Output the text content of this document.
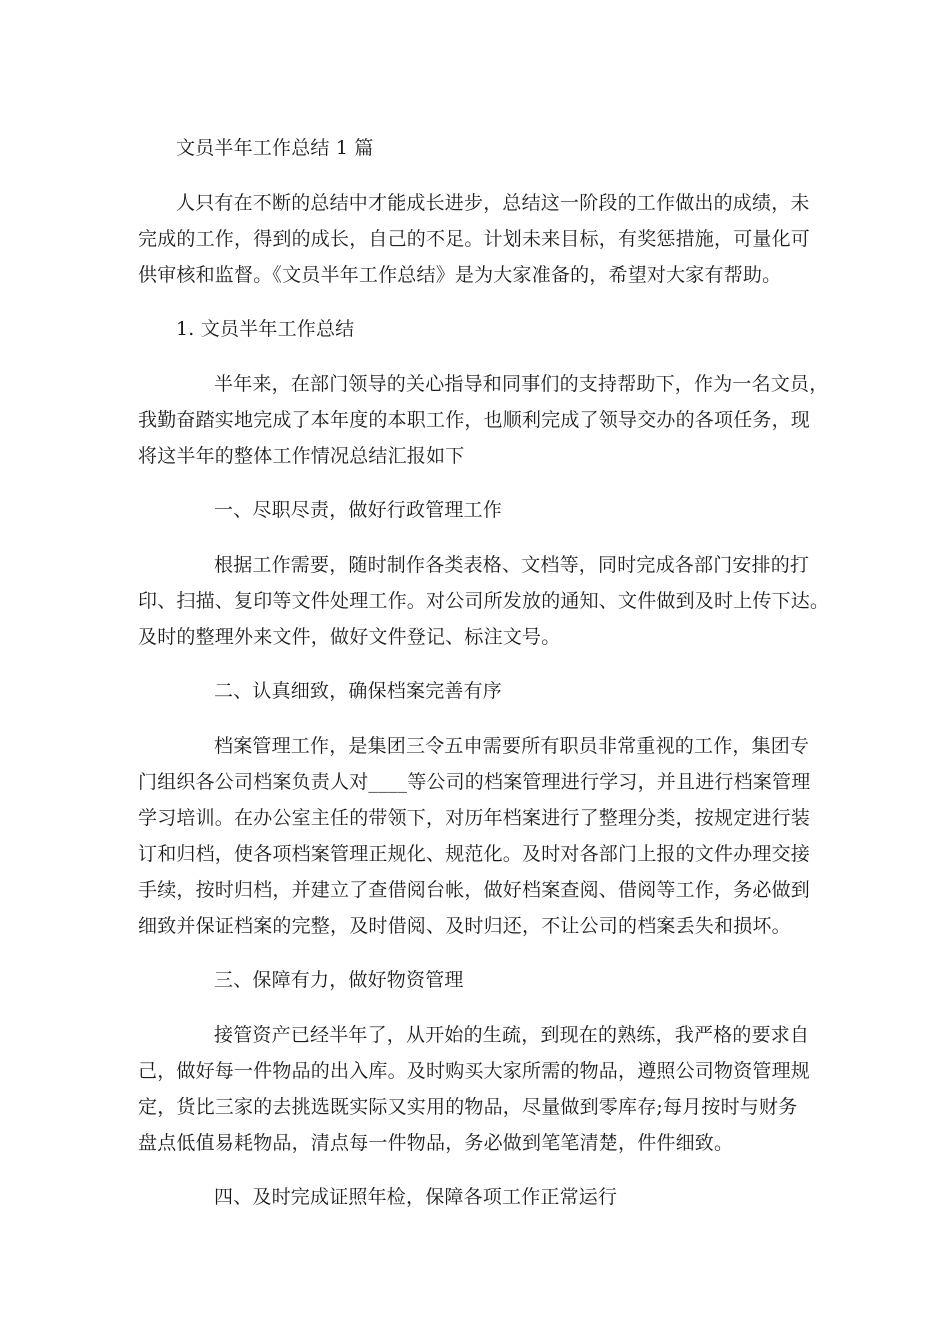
文员半年工作总结 1 篇
人只有在不断的总结中才能成长进步，总结这一阶段的工作做出的成绩，未
完成的工作，得到的成长，自己的不足。计划未来目标，有奖惩措施，可量化可
供审核和监督。《文员半年工作总结》是为大家准备的，希望对大家有帮助。
1. 文员半年工作总结
半年来，在部门领导的关心指导和同事们的支持帮助下，作为一名文员，
我勤奋踏实地完成了本年度的本职工作，也顺利完成了领导交办的各项任务，现
将这半年的整体工作情况总结汇报如下
一、尽职尽责，做好行政管理工作
根据工作需要，随时制作各类表格、文档等，同时完成各部门安排的打
印、扫描、复印等文件处理工作。对公司所发放的通知、文件做到及时上传下达。
及时的整理外来文件，做好文件登记、标注文号。
二、认真细致，确保档案完善有序
档案管理工作，是集团三令五申需要所有职员非常重视的工作，集团专
门组织各公司档案负责人对____等公司的档案管理进行学习，并且进行档案管理
学习培训。在办公室主任的带领下，对历年档案进行了整理分类，按规定进行装
订和归档，使各项档案管理正规化、规范化。及时对各部门上报的文件办理交接
手续，按时归档，并建立了查借阅台帐，做好档案查阅、借阅等工作，务必做到
细致并保证档案的完整，及时借阅、及时归还，不让公司的档案丢失和损坏。
三、保障有力，做好物资管理
接管资产已经半年了，从开始的生疏，到现在的熟练，我严格的要求自
己，做好每一件物品的出入库。及时购买大家所需的物品，遵照公司物资管理规
定，货比三家的去挑选既实际又实用的物品，尽量做到零库存;每月按时与财务
盘点低值易耗物品，清点每一件物品，务必做到笔笔清楚，件件细致。
四、及时完成证照年检，保障各项工作正常运行
